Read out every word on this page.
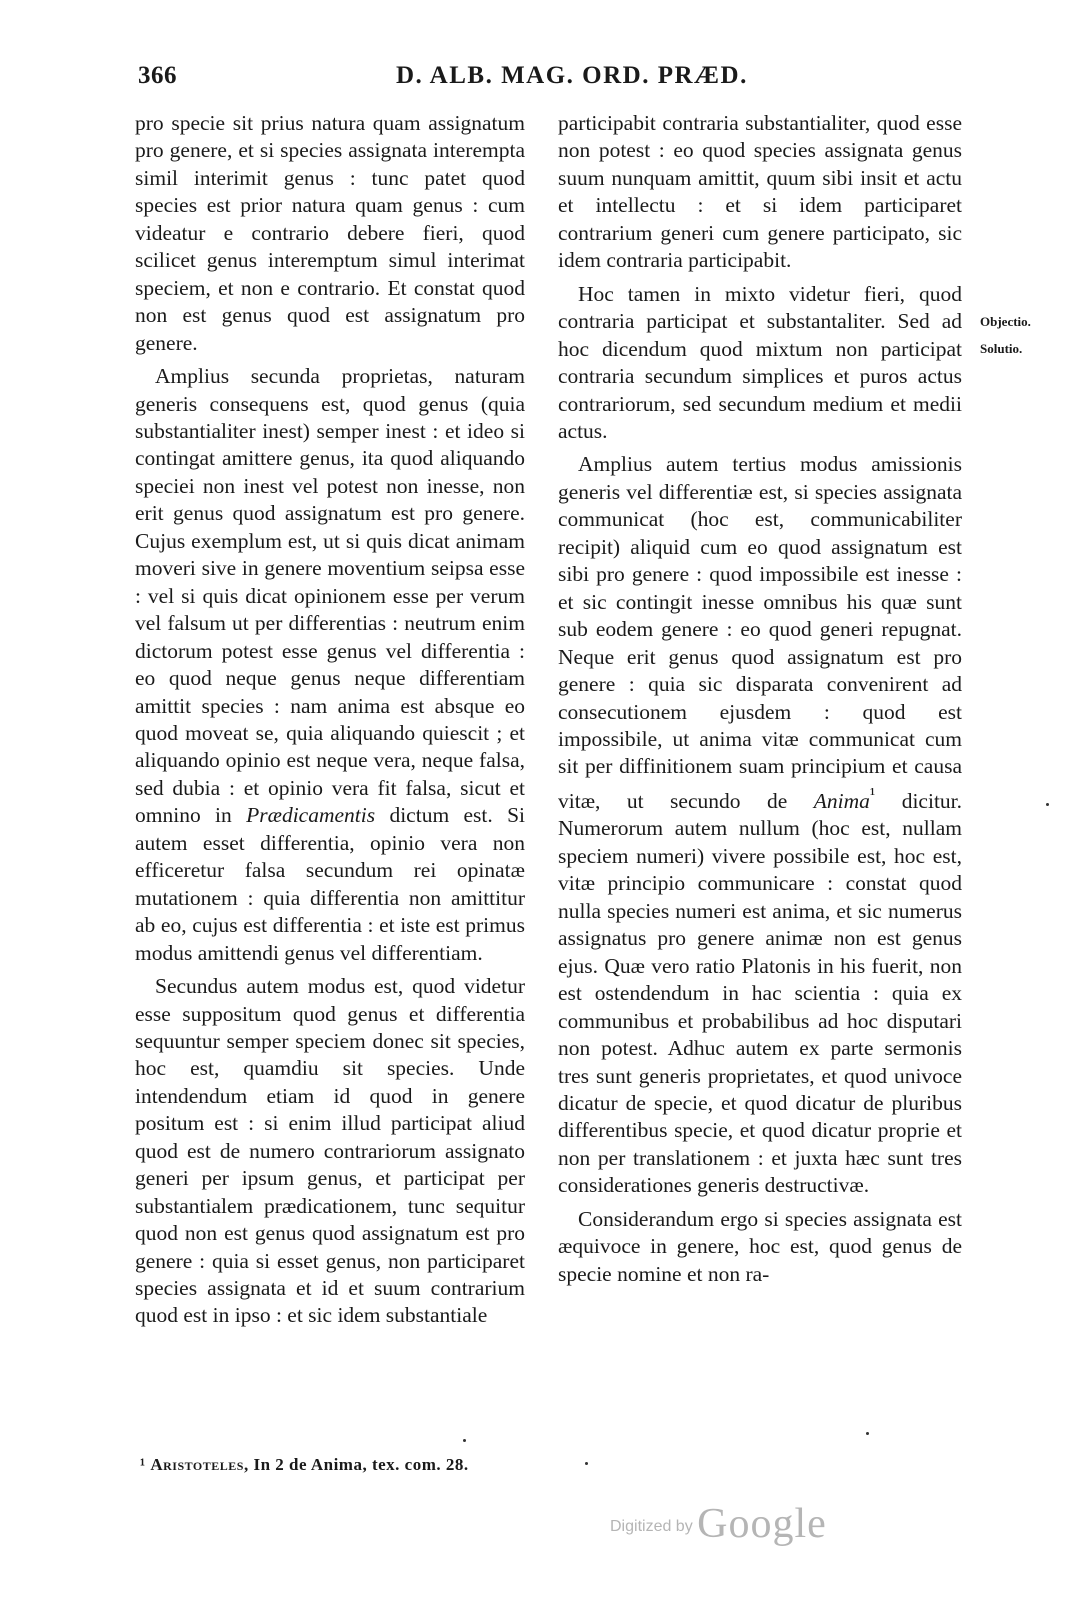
366	D. ALB. MAG. ORD. PRÆD.

pro specie sit prius natura quam assignatum pro genere, et si species assignata interempta simil interimit genus : tunc patet quod species est prior natura quam genus : cum videatur e contrario debere fieri, quod scilicet genus interemptum simul interimat speciem, et non e contrario. Et constat quod non est genus quod est assignatum pro genere.

Amplius secunda proprietas, naturam generis consequens est, quod genus (quia substantialiter inest) semper inest : et ideo si contingat amittere genus, ita quod aliquando speciei non inest vel potest non inesse, non erit genus quod assignatum est pro genere. Cujus exemplum est, ut si quis dicat animam moveri sive in genere moventium seipsa esse : vel si quis dicat opinionem esse per verum vel falsum ut per differentias : neutrum enim dictorum potest esse genus vel differentia : eo quod neque genus neque differentiam amittit species : nam anima est absque eo quod moveat se, quia aliquando quiescit ; et aliquando opinio est neque vera, neque falsa, sed dubia : et opinio vera fit falsa, sicut et omnino in Prædicamentis dictum est. Si autem esset differentia, opinio vera non efficeretur falsa secundum rei opinatæ mutationem : quia differentia non amittitur ab eo, cujus est differentia : et iste est primus modus amittendi genus vel differentiam.

Secundus autem modus est, quod videtur esse suppositum quod genus et differentia sequuntur semper speciem donec sit species, hoc est, quamdiu sit species. Unde intendendum etiam id quod in genere positum est : si enim illud participat aliud quod est de numero contrariorum assignato generi per ipsum genus, et participat per substantialem prædicationem, tunc sequitur quod non est genus quod assignatum est pro genere : quia si esset genus, non participaret species assignata et id et suum contrarium quod est in ipso : et sic idem substantiale

participabit contraria substantialiter, quod esse non potest : eo quod species assignata genus suum nunquam amittit, quum sibi insit et actu et intellectu : et si idem participaret contrarium generi cum genere participato, sic idem contraria participabit.

Hoc tamen in mixto videtur fieri, quod contraria participat et substantaliter. Sed ad hoc dicendum quod mixtum non participat contraria secundum simplices et puros actus contrariorum, sed secundum medium et medii actus.

Amplius autem tertius modus amissionis generis vel differentiæ est, si species assignata communicat (hoc est, communicabiliter recipit) aliquid cum eo quod assignatum est sibi pro genere : quod impossibile est inesse : et sic contingit inesse omnibus his quæ sunt sub eodem genere : eo quod generi repugnat. Neque erit genus quod assignatum est pro genere : quia sic disparata convenirent ad consecutionem ejusdem : quod est impossibile, ut anima vitæ communicat cum sit per diffinitionem suam principium et causa vitæ, ut secundo de Anima$^{^1}$ dicitur. Numerorum autem nullum (hoc est, nullam speciem numeri) vivere possibile est, hoc est, vitæ principio communicare : constat quod nulla species numeri est anima, et sic numerus assignatus pro genere animæ non est genus ejus. Quæ vero ratio Platonis in his fuerit, non est ostendendum in hac scientia : quia ex communibus et probabilibus ad hoc disputari non potest. Adhuc autem ex parte sermonis tres sunt generis proprietates, et quod univoce dicatur de specie, et quod dicatur de pluribus differentibus specie, et quod dicatur proprie et non per translationem : et juxta hæc sunt tres considerationes generis destructivæ.

Considerandum ergo si species assignata est æquivoce in genere, hoc est, quod genus de specie nomine et non ra-

Objectio.
Solutio.
¹ Aristoteles, In 2 de Anima, tex. com. 28.
Digitized by Google
